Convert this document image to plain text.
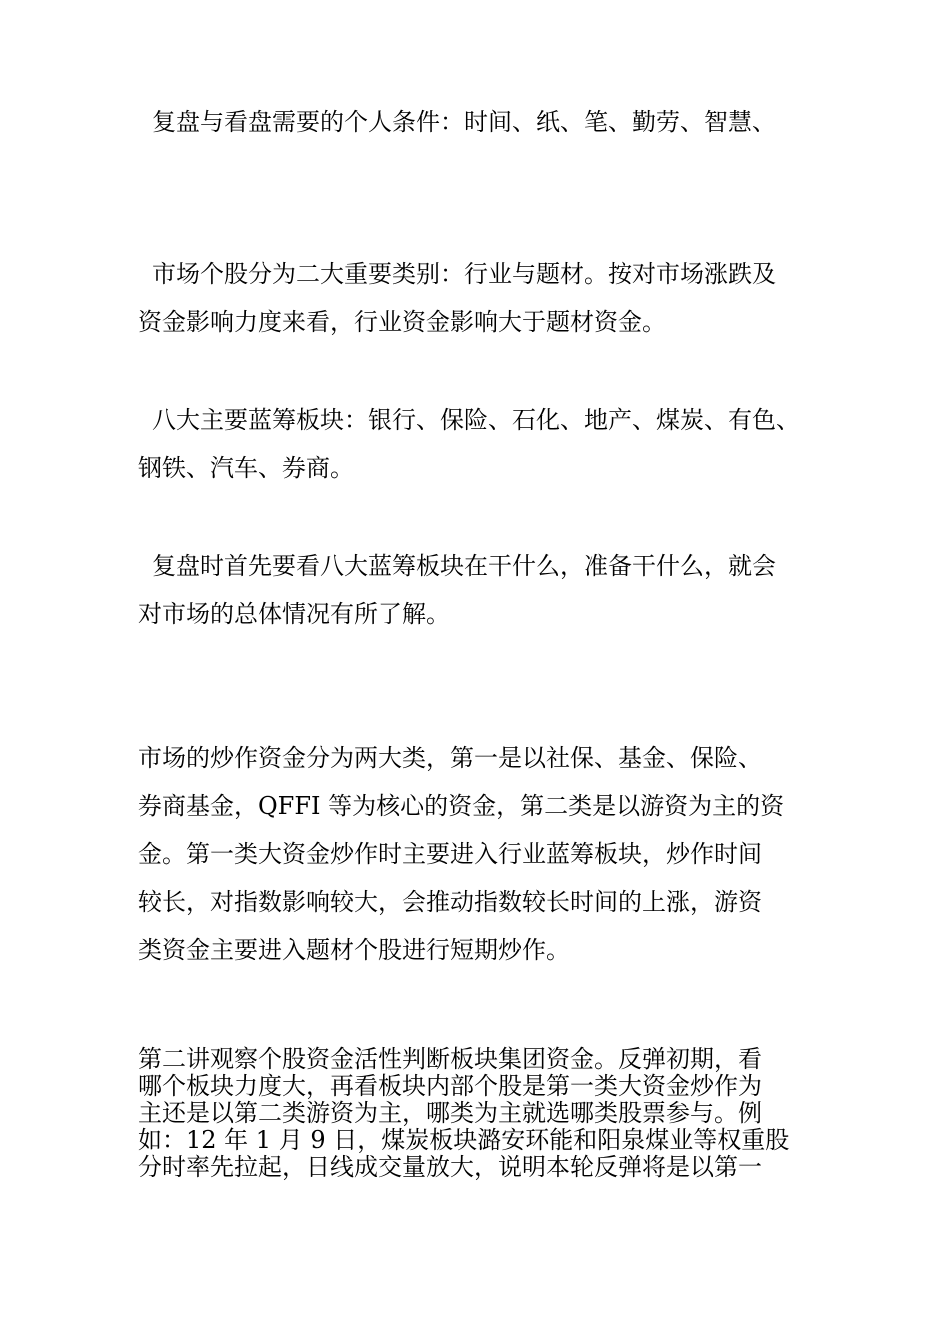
复盘与看盘需要的个人条件：时间、纸、笔、勤劳、智慧、

市场个股分为二大重要类别：行业与题材。按对市场涨跌及
资金影响力度来看，行业资金影响大于题材资金。

八大主要蓝筹板块：银行、保险、石化、地产、煤炭、有色、
钢铁、汽车、券商。

复盘时首先要看八大蓝筹板块在干什么，准备干什么，就会
对市场的总体情况有所了解。

市场的炒作资金分为两大类，第一是以社保、基金、保险、
券商基金，QFFI 等为核心的资金，第二类是以游资为主的资
金。第一类大资金炒作时主要进入行业蓝筹板块，炒作时间
较长，对指数影响较大，会推动指数较长时间的上涨，游资
类资金主要进入题材个股进行短期炒作。

第二讲观察个股资金活性判断板块集团资金。反弹初期，看
哪个板块力度大，再看板块内部个股是第一类大资金炒作为
主还是以第二类游资为主，哪类为主就选哪类股票参与。例
如：12 年 1 月 9 日，煤炭板块潞安环能和阳泉煤业等权重股
分时率先拉起，日线成交量放大，说明本轮反弹将是以第一
